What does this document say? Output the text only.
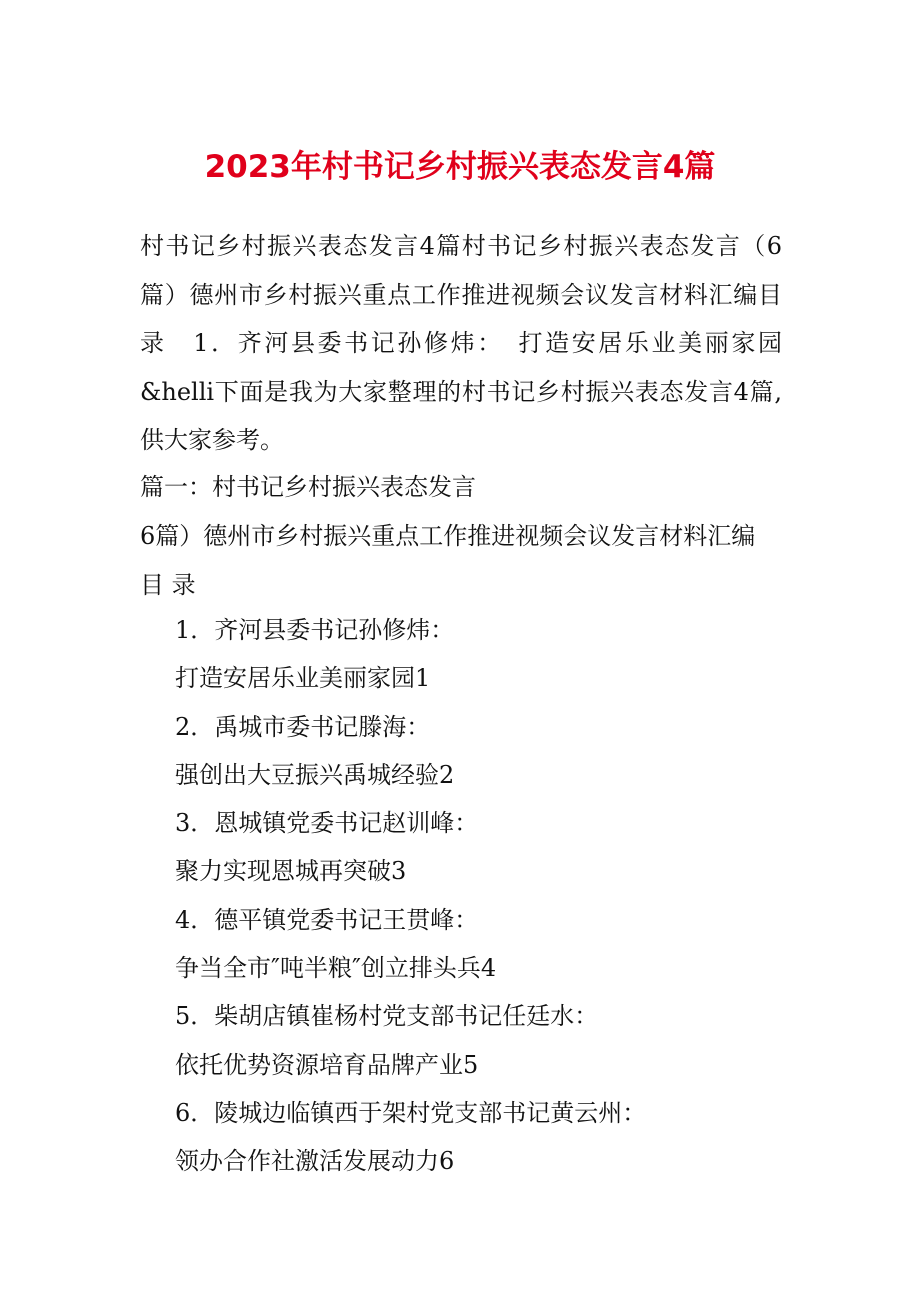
2023年村书记乡村振兴表态发言4篇

村书记乡村振兴表态发言4篇村书记乡村振兴表态发言（6篇）德州市乡村振兴重点工作推进视频会议发言材料汇编目录　1．齐河县委书记孙修炜：　打造安居乐业美丽家园&helli下面是我为大家整理的村书记乡村振兴表态发言4篇,供大家参考。

篇一：村书记乡村振兴表态发言

6篇）德州市乡村振兴重点工作推进视频会议发言材料汇编 目 录

1．齐河县委书记孙修炜：
打造安居乐业美丽家园1
2．禹城市委书记滕海：
强创出大豆振兴禹城经验2
3．恩城镇党委书记赵训峰：
聚力实现恩城再突破3
4．德平镇党委书记王贯峰：
争当全市″吨半粮″创立排头兵4
5．柴胡店镇崔杨村党支部书记任廷水：
依托优势资源培育品牌产业5
6．陵城边临镇西于架村党支部书记黄云州：
领办合作社激活发展动力6
